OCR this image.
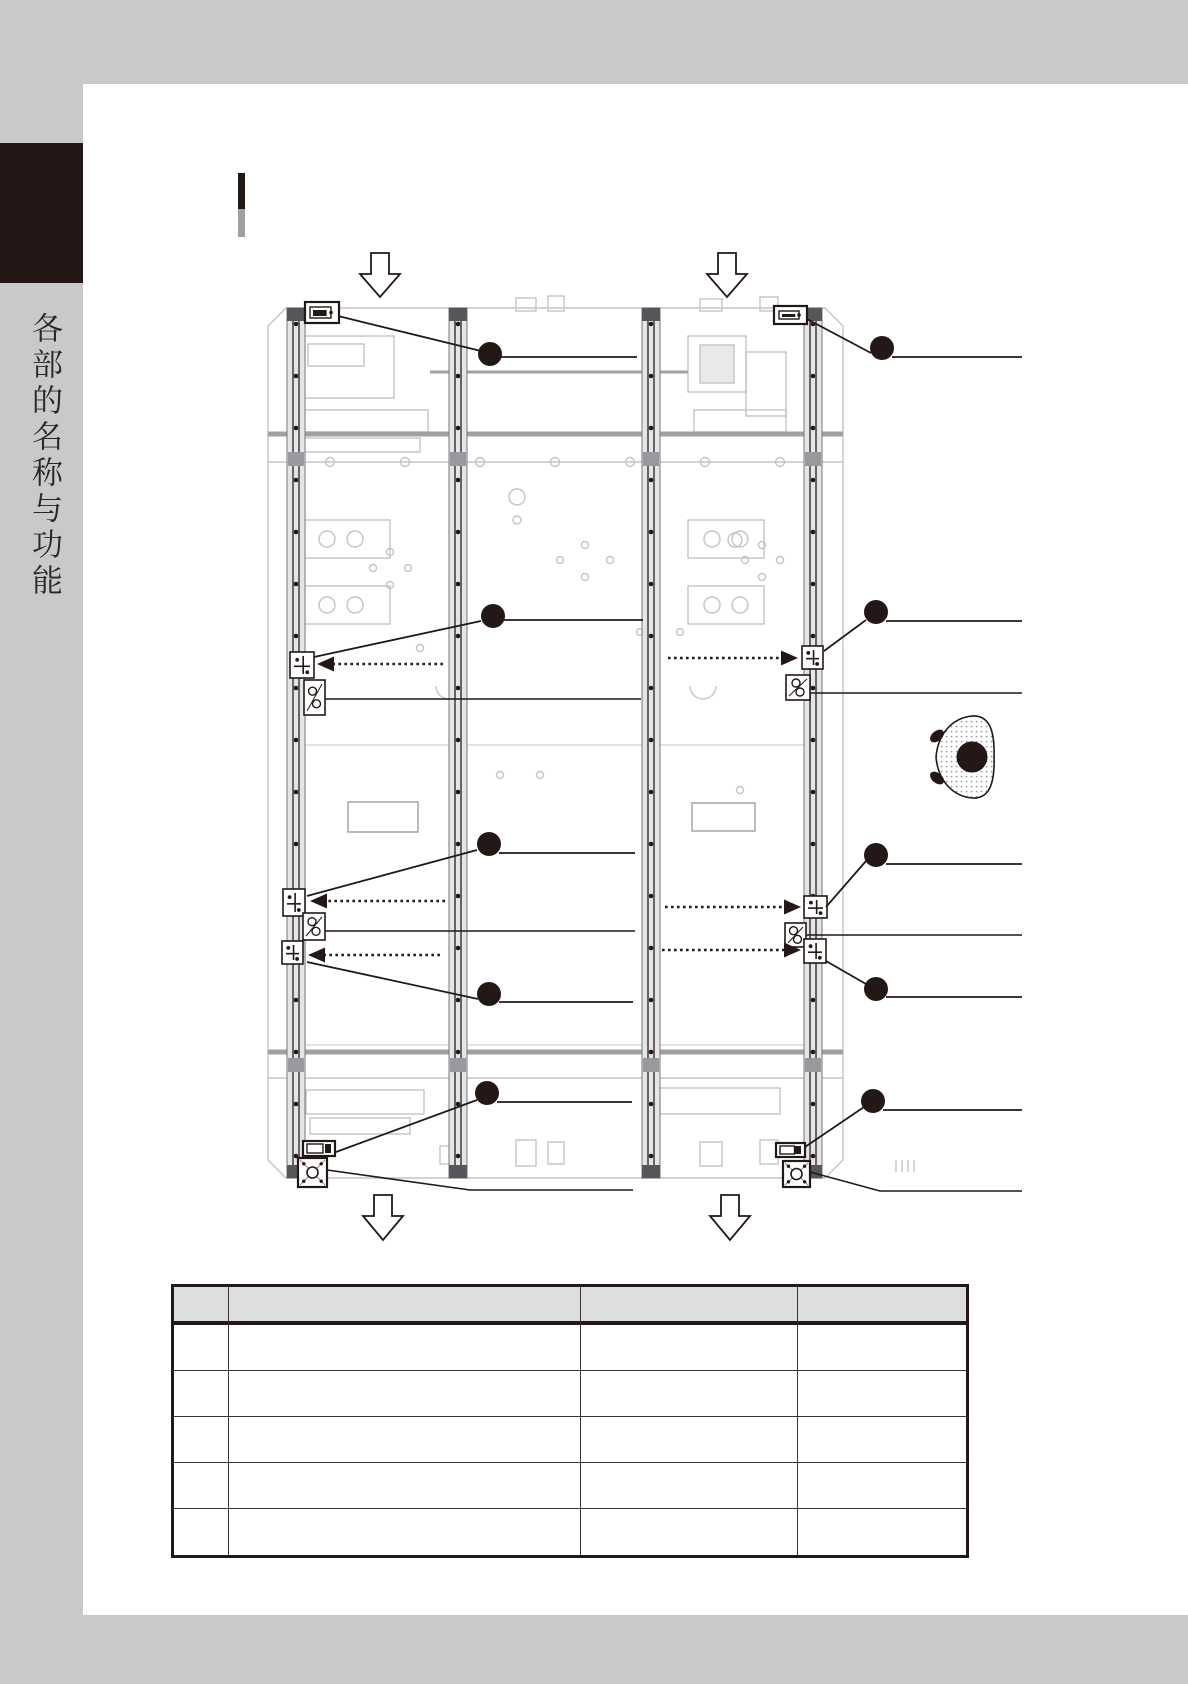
各部的名称与功能
